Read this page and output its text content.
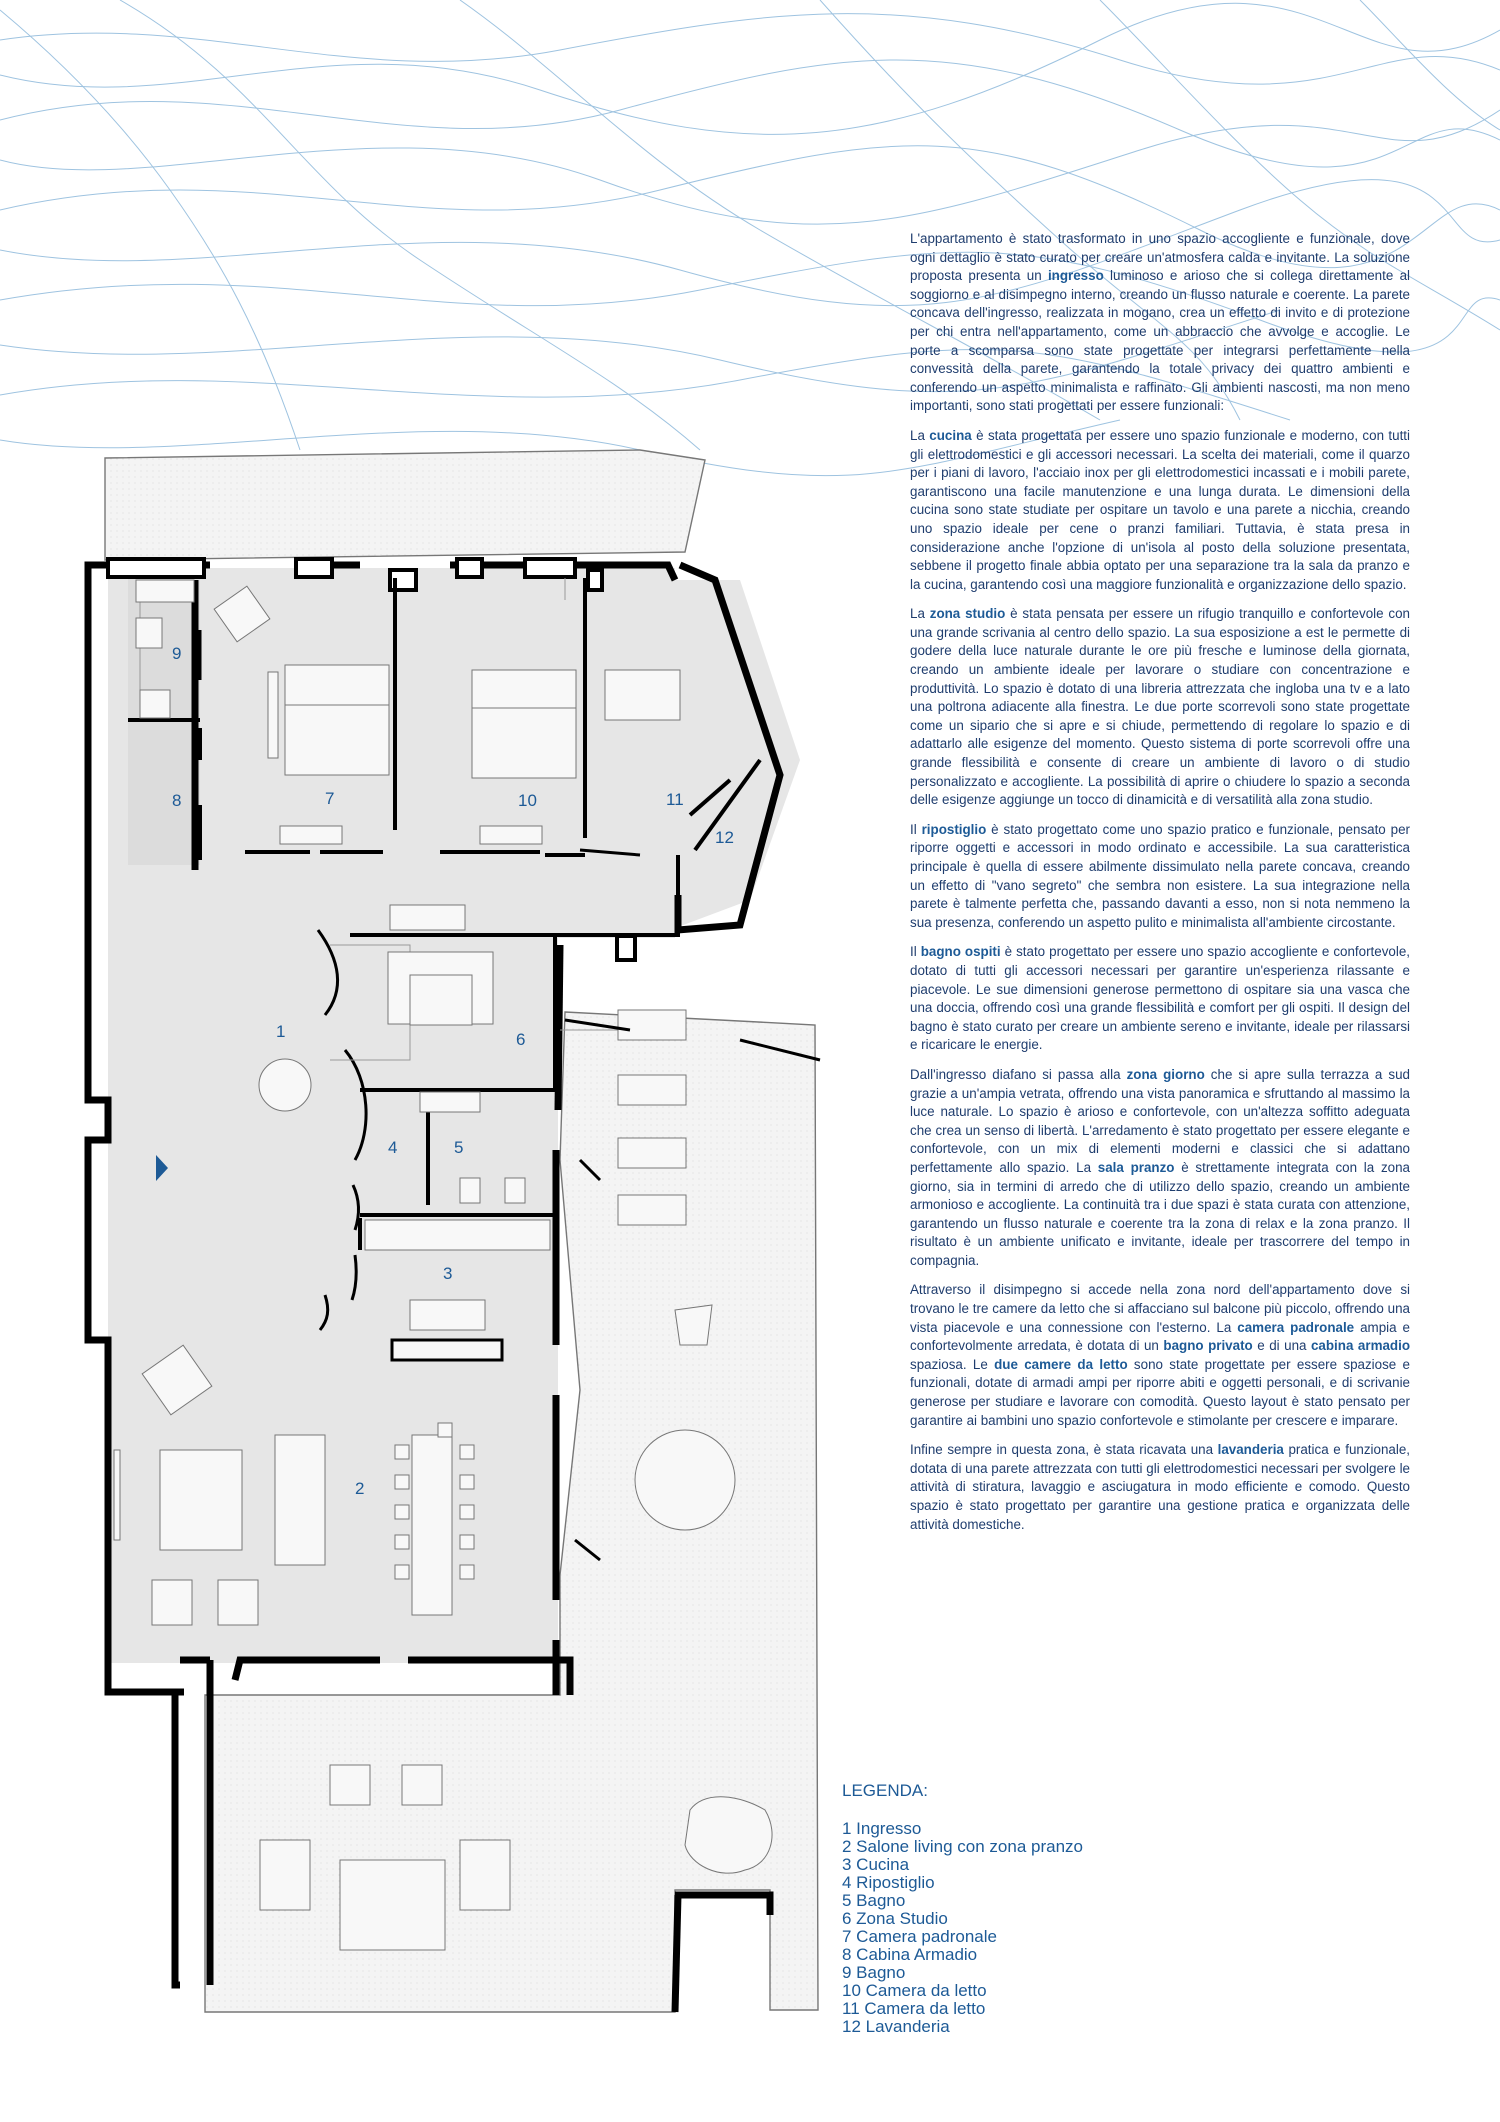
1
2
3
4	5
6
7
8
9
10	11
12

L'appartamento è stato trasformato in uno spazio accogliente e funzionale, dove ogni dettaglio è stato curato per creare un'atmosfera calda e invitante. La soluzione proposta presenta un ingresso luminoso e arioso che si collega direttamente al soggiorno e al disimpegno interno, creando un flusso naturale e coerente. La parete concava dell'ingresso, realizzata in mogano, crea un effetto di invito e di protezione per chi entra nell'appartamento, come un abbraccio che avvolge e accoglie. Le porte a scomparsa sono state progettate per integrarsi perfettamente nella convessità della parete, garantendo la totale privacy dei quattro ambienti e conferendo un aspetto minimalista e raffinato. Gli ambienti nascosti, ma non meno importanti, sono stati progettati per essere funzionali:

La cucina è stata progettata per essere uno spazio funzionale e moderno, con tutti gli elettrodomestici e gli accessori necessari. La scelta dei materiali, come il quarzo per i piani di lavoro, l'acciaio inox per gli elettrodomestici incassati e i mobili parete, garantiscono una facile manutenzione e una lunga durata. Le dimensioni della cucina sono state studiate per ospitare un tavolo e una parete a nicchia, creando uno spazio ideale per cene o pranzi familiari. Tuttavia, è stata presa in considerazione anche l'opzione di un'isola al posto della soluzione presentata, sebbene il progetto finale abbia optato per una separazione tra la sala da pranzo e la cucina, garantendo così una maggiore funzionalità e organizzazione dello spazio.

La zona studio è stata pensata per essere un rifugio tranquillo e confortevole con una grande scrivania al centro dello spazio. La sua esposizione a est le permette di godere della luce naturale durante le ore più fresche e luminose della giornata, creando un ambiente ideale per lavorare o studiare con concentrazione e produttività. Lo spazio è dotato di una libreria attrezzata che ingloba una tv e a lato una poltrona adiacente alla finestra. Le due porte scorrevoli sono state progettate come un sipario che si apre e si chiude, permettendo di regolare lo spazio e di adattarlo alle esigenze del momento. Questo sistema di porte scorrevoli offre una grande flessibilità e consente di creare un ambiente di lavoro o di studio personalizzato e accogliente. La possibilità di aprire o chiudere lo spazio a seconda delle esigenze aggiunge un tocco di dinamicità e di versatilità alla zona studio.

Il ripostiglio è stato progettato come uno spazio pratico e funzionale, pensato per riporre oggetti e accessori in modo ordinato e accessibile. La sua caratteristica principale è quella di essere abilmente dissimulato nella parete concava, creando un effetto di "vano segreto" che sembra non esistere. La sua integrazione nella parete è talmente perfetta che, passando davanti a esso, non si nota nemmeno la sua presenza, conferendo un aspetto pulito e minimalista all'ambiente circostante.

Il bagno ospiti è stato progettato per essere uno spazio accogliente e confortevole, dotato di tutti gli accessori necessari per garantire un'esperienza rilassante e piacevole. Le sue dimensioni generose permettono di ospitare sia una vasca che una doccia, offrendo così una grande flessibilità e comfort per gli ospiti. Il design del bagno è stato curato per creare un ambiente sereno e invitante, ideale per rilassarsi e ricaricare le energie.

Dall'ingresso diafano si passa alla zona giorno che si apre sulla terrazza a sud grazie a un'ampia vetrata, offrendo una vista panoramica e sfruttando al massimo la luce naturale. Lo spazio è arioso e confortevole, con un'altezza soffitto adeguata che crea un senso di libertà. L'arredamento è stato progettato per essere elegante e confortevole, con un mix di elementi moderni e classici che si adattano perfettamente allo spazio. La sala pranzo è strettamente integrata con la zona giorno, sia in termini di arredo che di utilizzo dello spazio, creando un ambiente armonioso e accogliente. La continuità tra i due spazi è stata curata con attenzione, garantendo un flusso naturale e coerente tra la zona di relax e la zona pranzo. Il risultato è un ambiente unificato e invitante, ideale per trascorrere del tempo in compagnia.

Attraverso il disimpegno si accede nella zona nord dell'appartamento dove si trovano le tre camere da letto che si affacciano sul balcone più piccolo, offrendo una vista piacevole e una connessione con l'esterno. La camera padronale ampia e confortevolmente arredata, è dotata di un bagno privato e di una cabina armadio spaziosa. Le due camere da letto sono state progettate per essere spaziose e funzionali, dotate di armadi ampi per riporre abiti e oggetti personali, e di scrivanie generose per studiare e lavorare con comodità. Questo layout è stato pensato per garantire ai bambini uno spazio confortevole e stimolante per crescere e imparare.

Infine sempre in questa zona, è stata ricavata una lavanderia pratica e funzionale, dotata di una parete attrezzata con tutti gli elettrodomestici necessari per svolgere le attività di stiratura, lavaggio e asciugatura in modo efficiente e comodo. Questo spazio è stato progettato per garantire una gestione pratica e organizzata delle attività domestiche.

LEGENDA:
1 Ingresso
2 Salone living con zona pranzo
3 Cucina
4 Ripostiglio
5 Bagno
6 Zona Studio
7 Camera padronale
8 Cabina Armadio
9 Bagno
10 Camera da letto
11 Camera da letto
12 Lavanderia
